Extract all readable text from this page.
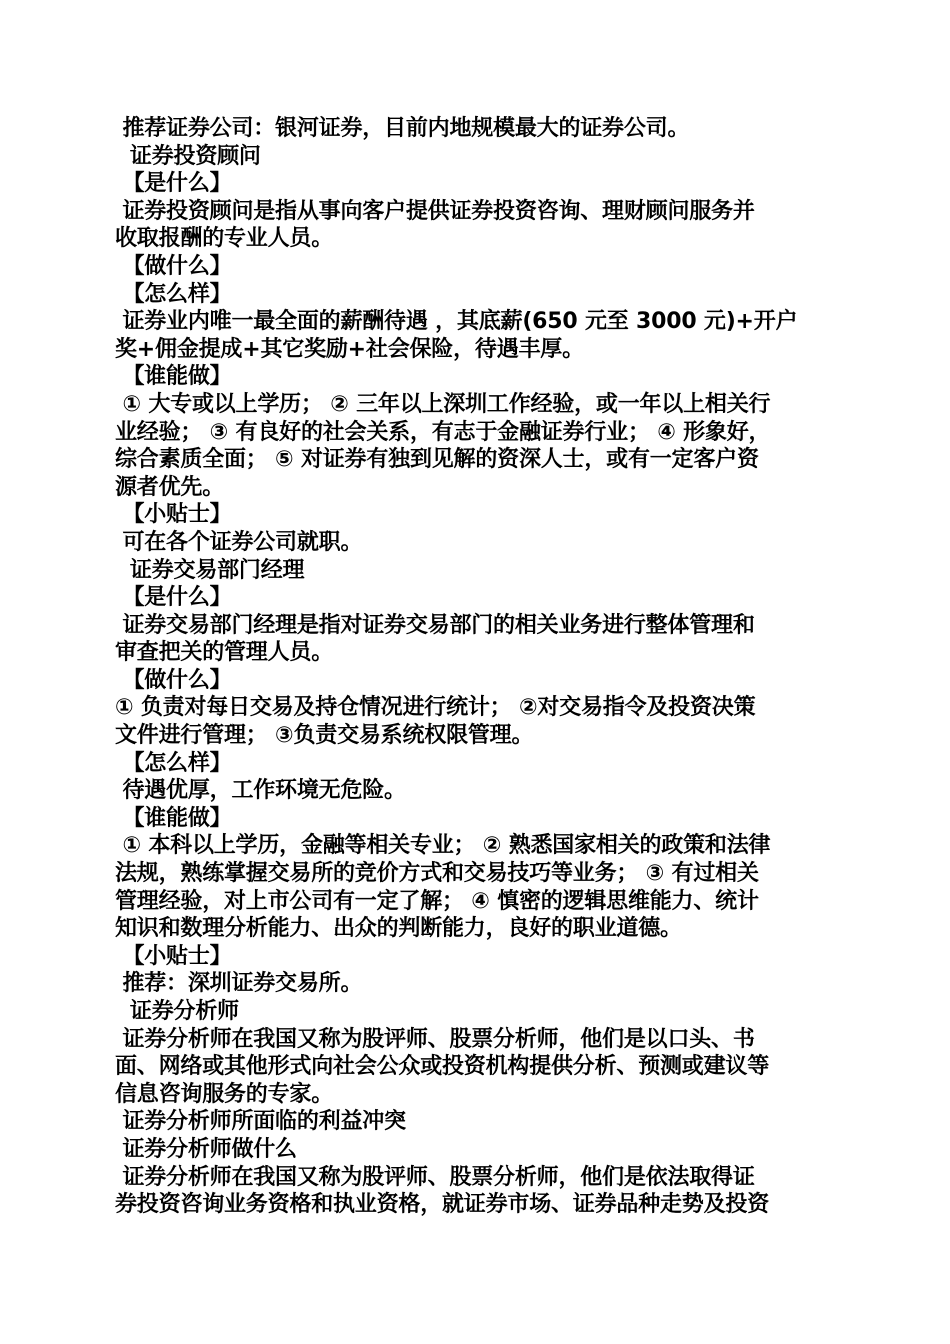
推荐证券公司：银河证券，目前内地规模最大的证券公司。
证券投资顾问
【是什么】
证券投资顾问是指从事向客户提供证券投资咨询、理财顾问服务并
收取报酬的专业人员。
【做什么】
【怎么样】
证券业内唯一最全面的薪酬待遇 ，其底薪(650 元至 3000 元)+开户
奖+佣金提成+其它奖励+社会保险，待遇丰厚。
【谁能做】
① 大专或以上学历； ② 三年以上深圳工作经验，或一年以上相关行
业经验； ③ 有良好的社会关系，有志于金融证券行业； ④ 形象好，
综合素质全面； ⑤ 对证券有独到见解的资深人士，或有一定客户资
源者优先。
【小贴士】
可在各个证券公司就职。
证券交易部门经理
【是什么】
证券交易部门经理是指对证券交易部门的相关业务进行整体管理和
审查把关的管理人员。
【做什么】
① 负责对每日交易及持仓情况进行统计； ②对交易指令及投资决策
文件进行管理； ③负责交易系统权限管理。
【怎么样】
待遇优厚，工作环境无危险。
【谁能做】
① 本科以上学历，金融等相关专业； ② 熟悉国家相关的政策和法律
法规，熟练掌握交易所的竞价方式和交易技巧等业务； ③ 有过相关
管理经验，对上市公司有一定了解； ④ 慎密的逻辑思维能力、统计
知识和数理分析能力、出众的判断能力，良好的职业道德。
【小贴士】
推荐：深圳证券交易所。
证券分析师
证券分析师在我国又称为股评师、股票分析师，他们是以口头、书
面、网络或其他形式向社会公众或投资机构提供分析、预测或建议等
信息咨询服务的专家。
证券分析师所面临的利益冲突
证券分析师做什么
证券分析师在我国又称为股评师、股票分析师，他们是依法取得证
券投资咨询业务资格和执业资格，就证券市场、证券品种走势及投资
